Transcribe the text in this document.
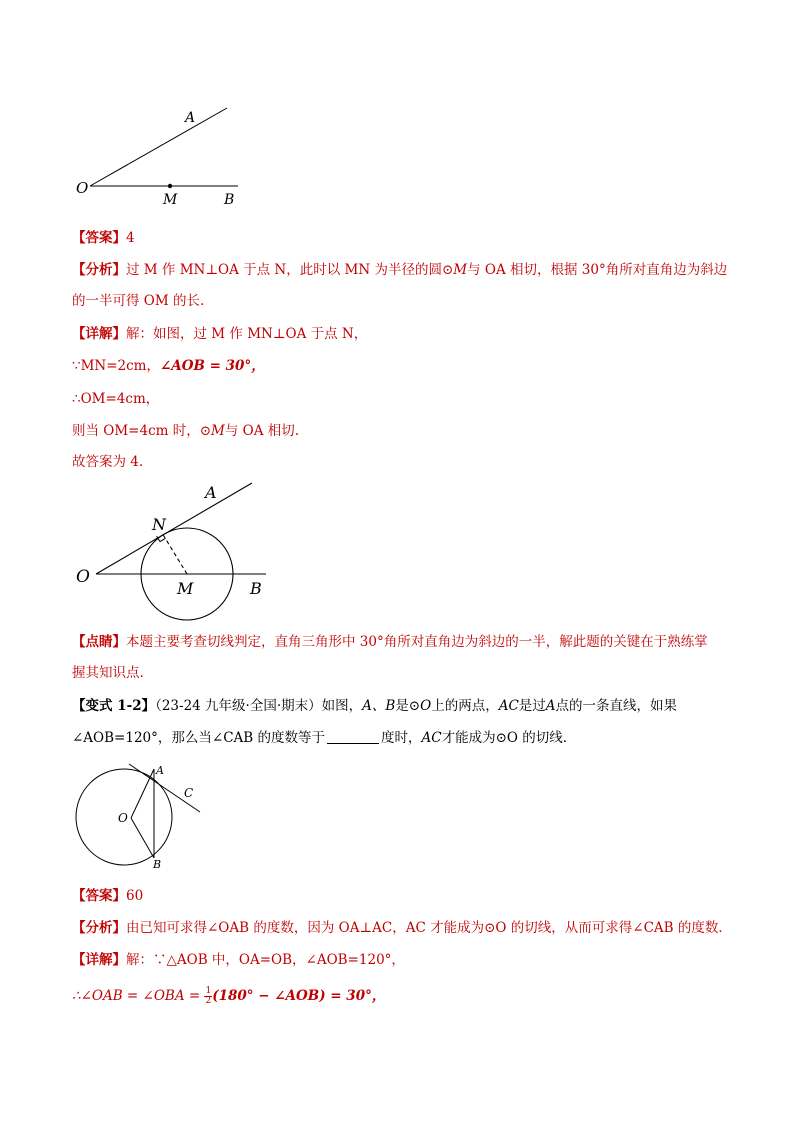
A
O
M	B
【答案】4
【分析】过 M 作 MN⊥OA 于点 N，此时以 MN 为半径的圆⊙M与 OA 相切，根据 30°角所对直角边为斜边
的一半可得 OM 的长.
【详解】解：如图，过 M 作 MN⊥OA 于点 N，
∵MN=2cm，∠AOB = 30°，
∴OM=4cm，
则当 OM=4cm 时，⊙M与 OA 相切.
故答案为 4.
A
N
O
M	B
【点睛】本题主要考查切线判定，直角三角形中 30°角所对直角边为斜边的一半，解此题的关键在于熟练掌
握其知识点.
【变式 1-2】（23-24 九年级·全国·期末）如图，A、B是⊙O上的两点，AC是过A点的一条直线，如果
∠AOB=120°，那么当∠CAB 的度数等于	度时，AC才能成为⊙O 的切线．
A
C
O
B
【答案】60
【分析】由已知可求得∠OAB 的度数，因为 OA⊥AC，AC 才能成为⊙O 的切线，从而可求得∠CAB 的度数．
【详解】解：∵△AOB 中，OA=OB，∠AOB=120°，
∴∠OAB = ∠OBA = $\frac{1}{2} (180^\circ$ − ∠AOB) = 30°，
